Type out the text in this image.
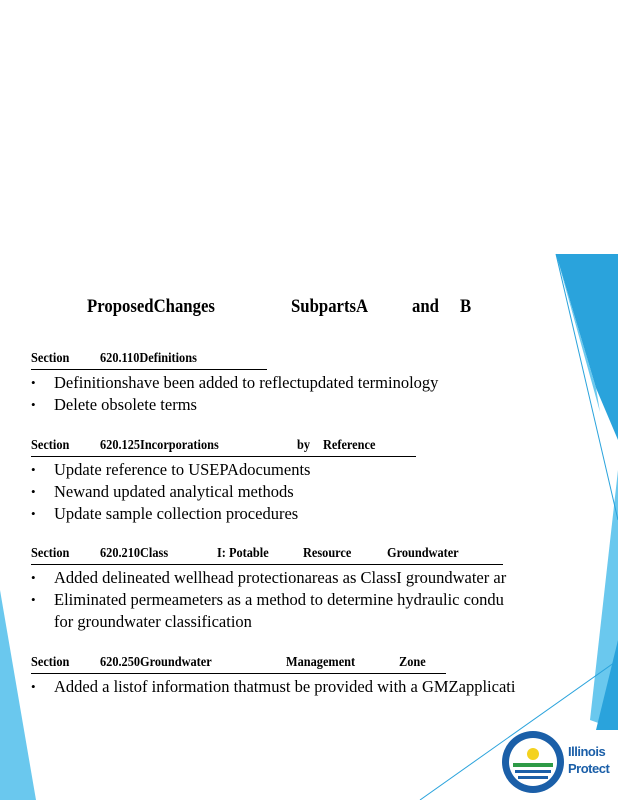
ProposedChanges	SubpartsA and B
Section 620.110Definitions
• Definitionshave been added to reflectupdated terminology
• Delete obsolete terms
Section 620.125Incorporations	by Reference
• Update reference to USEPAdocuments
• Newand updated analytical methods
• Update sample collection procedures
Section 620.210Class	I: Potable Resource	Groundwater
• Added delineated wellhead protectionareas as ClassI groundwater ar
• Eliminated permeameters as a method to determine hydraulic condu
for groundwater classification
Section 620.250Groundwater	Management	Zone
• Added a listof information thatmust be provided with a GMZapplicati
Illinois
Protect
